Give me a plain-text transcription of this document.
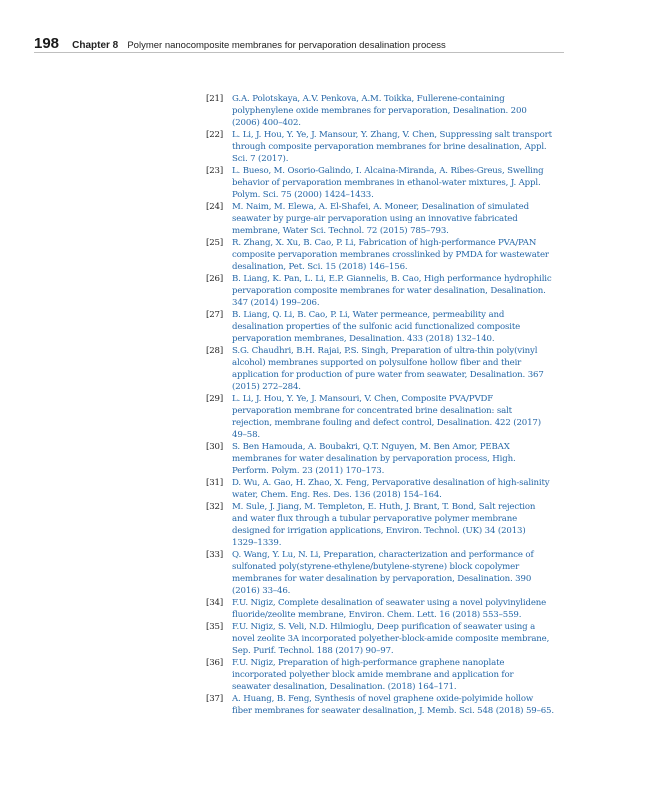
198 Chapter 8 Polymer nanocomposite membranes for pervaporation desalination process
[21]	G.A. Polotskaya, A.V. Penkova, A.M. Toikka, Fullerene-containing
polyphenylene oxide membranes for pervaporation, Desalination. 200
(2006) 400–402.
[22]	L. Li, J. Hou, Y. Ye, J. Mansour, Y. Zhang, V. Chen, Suppressing salt transport
through composite pervaporation membranes for brine desalination, Appl.
Sci. 7 (2017).
[23]	L. Bueso, M. Osorio-Galindo, I. Alcaina-Miranda, A. Ribes-Greus, Swelling
behavior of pervaporation membranes in ethanol-water mixtures, J. Appl.
Polym. Sci. 75 (2000) 1424–1433.
[24]	M. Naim, M. Elewa, A. El-Shafei, A. Moneer, Desalination of simulated
seawater by purge-air pervaporation using an innovative fabricated
membrane, Water Sci. Technol. 72 (2015) 785–793.
[25]	R. Zhang, X. Xu, B. Cao, P. Li, Fabrication of high-performance PVA/PAN
composite pervaporation membranes crosslinked by PMDA for wastewater
desalination, Pet. Sci. 15 (2018) 146–156.
[26]	B. Liang, K. Pan, L. Li, E.P. Giannelis, B. Cao, High performance hydrophilic
pervaporation composite membranes for water desalination, Desalination.
347 (2014) 199–206.
[27]	B. Liang, Q. Li, B. Cao, P. Li, Water permeance, permeability and
desalination properties of the sulfonic acid functionalized composite
pervaporation membranes, Desalination. 433 (2018) 132–140.
[28]	S.G. Chaudhri, B.H. Rajai, P.S. Singh, Preparation of ultra-thin poly(vinyl
alcohol) membranes supported on polysulfone hollow fiber and their
application for production of pure water from seawater, Desalination. 367
(2015) 272–284.
[29]	L. Li, J. Hou, Y. Ye, J. Mansouri, V. Chen, Composite PVA/PVDF
pervaporation membrane for concentrated brine desalination: salt
rejection, membrane fouling and defect control, Desalination. 422 (2017)
49–58.
[30]	S. Ben Hamouda, A. Boubakri, Q.T. Nguyen, M. Ben Amor, PEBAX
membranes for water desalination by pervaporation process, High.
Perform. Polym. 23 (2011) 170–173.
[31]	D. Wu, A. Gao, H. Zhao, X. Feng, Pervaporative desalination of high-salinity
water, Chem. Eng. Res. Des. 136 (2018) 154–164.
[32]	M. Sule, J. Jiang, M. Templeton, E. Huth, J. Brant, T. Bond, Salt rejection
and water flux through a tubular pervaporative polymer membrane
designed for irrigation applications, Environ. Technol. (UK) 34 (2013)
1329–1339.
[33]	Q. Wang, Y. Lu, N. Li, Preparation, characterization and performance of
sulfonated poly(styrene-ethylene/butylene-styrene) block copolymer
membranes for water desalination by pervaporation, Desalination. 390
(2016) 33–46.
[34]	F.U. Nigiz, Complete desalination of seawater using a novel polyvinylidene
fluoride/zeolite membrane, Environ. Chem. Lett. 16 (2018) 553–559.
[35]	F.U. Nigiz, S. Veli, N.D. Hilmioglu, Deep purification of seawater using a
novel zeolite 3A incorporated polyether-block-amide composite membrane,
Sep. Purif. Technol. 188 (2017) 90–97.
[36]	F.U. Nigiz, Preparation of high-performance graphene nanoplate
incorporated polyether block amide membrane and application for
seawater desalination, Desalination. (2018) 164–171.
[37]	A. Huang, B. Feng, Synthesis of novel graphene oxide-polyimide hollow
fiber membranes for seawater desalination, J. Memb. Sci. 548 (2018) 59–65.
